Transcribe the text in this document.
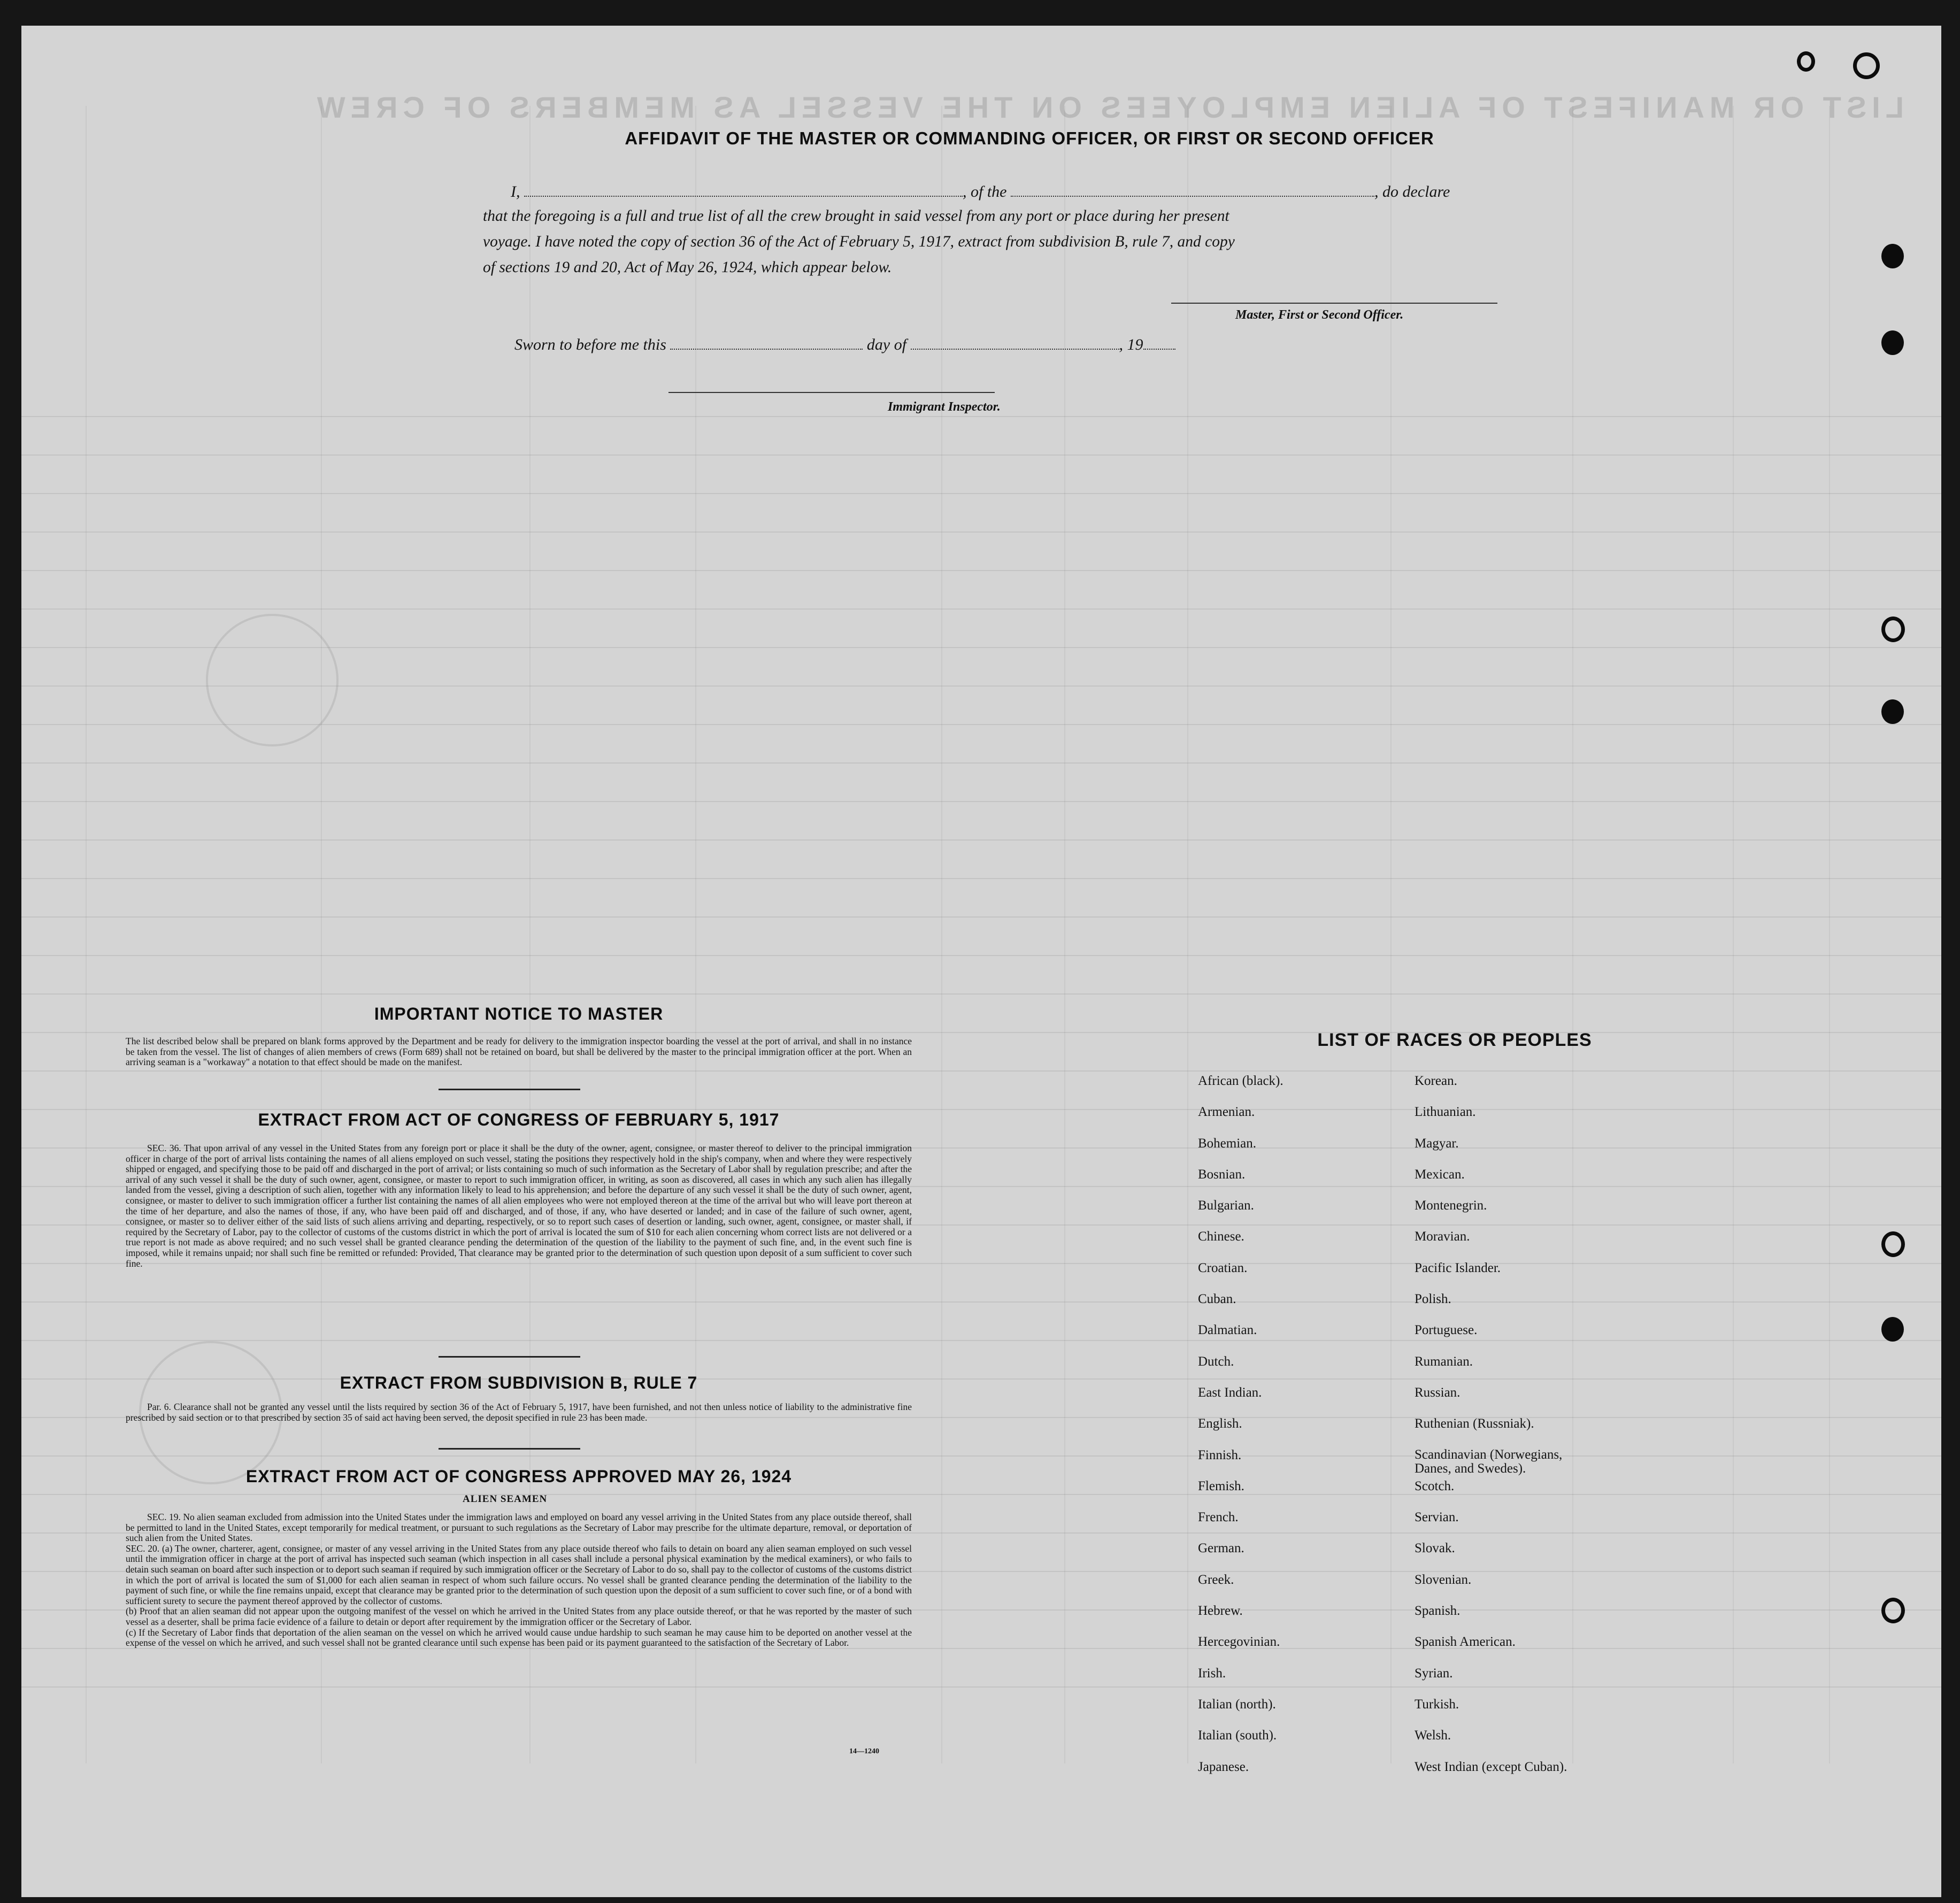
LIST OR MANIFEST OF ALIEN EMPLOYEES ON THE VESSEL AS MEMBERS OF CREW
AFFIDAVIT OF THE MASTER OR COMMANDING OFFICER, OR FIRST OR SECOND OFFICER
I,	, of the	, do declare
that the foregoing is a full and true list of all the crew brought in said vessel from any port or place during her present
voyage. I have noted the copy of section 36 of the Act of February 5, 1917, extract from subdivision B, rule 7, and copy
of sections 19 and 20, Act of May 26, 1924, which appear below.
Master, First or Second Officer.
Sworn to before me this	day of	, 19
Immigrant Inspector.
IMPORTANT NOTICE TO MASTER
The list described below shall be prepared on blank forms approved by the Department and be ready for delivery to the immigration inspector boarding the vessel at the port of arrival, and shall in no instance be taken from the vessel. The list of changes of alien members of crews (Form 689) shall not be retained on board, but shall be delivered by the master to the principal immigration officer at the port. When an arriving seaman is a "workaway" a notation to that effect should be made on the manifest.
EXTRACT FROM ACT OF CONGRESS OF FEBRUARY 5, 1917
SEC. 36. That upon arrival of any vessel in the United States from any foreign port or place it shall be the duty of the owner, agent, consignee, or master thereof to deliver to the principal immigration officer in charge of the port of arrival lists containing the names of all aliens employed on such vessel, stating the positions they respectively hold in the ship's company, when and where they were respectively shipped or engaged, and specifying those to be paid off and discharged in the port of arrival; or lists containing so much of such information as the Secretary of Labor shall by regulation prescribe; and after the arrival of any such vessel it shall be the duty of such owner, agent, consignee, or master to report to such immigration officer, in writing, as soon as discovered, all cases in which any such alien has illegally landed from the vessel, giving a description of such alien, together with any information likely to lead to his apprehension; and before the departure of any such vessel it shall be the duty of such owner, agent, consignee, or master to deliver to such immigration officer a further list containing the names of all alien employees who were not employed thereon at the time of the arrival but who will leave port thereon at the time of her departure, and also the names of those, if any, who have been paid off and discharged, and of those, if any, who have deserted or landed; and in case of the failure of such owner, agent, consignee, or master so to deliver either of the said lists of such aliens arriving and departing, respectively, or so to report such cases of desertion or landing, such owner, agent, consignee, or master shall, if required by the Secretary of Labor, pay to the collector of customs of the customs district in which the port of arrival is located the sum of $10 for each alien concerning whom correct lists are not delivered or a true report is not made as above required; and no such vessel shall be granted clearance pending the determination of the question of the liability to the payment of such fine, and, in the event such fine is imposed, while it remains unpaid; nor shall such fine be remitted or refunded: Provided, That clearance may be granted prior to the determination of such question upon deposit of a sum sufficient to cover such fine.
EXTRACT FROM SUBDIVISION B, RULE 7
Par. 6. Clearance shall not be granted any vessel until the lists required by section 36 of the Act of February 5, 1917, have been furnished, and not then unless notice of liability to the administrative fine prescribed by said section or to that prescribed by section 35 of said act having been served, the deposit specified in rule 23 has been made.
EXTRACT FROM ACT OF CONGRESS APPROVED MAY 26, 1924
ALIEN SEAMEN
SEC. 19. No alien seaman excluded from admission into the United States under the immigration laws and employed on board any vessel arriving in the United States from any place outside thereof, shall be permitted to land in the United States, except temporarily for medical treatment, or pursuant to such regulations as the Secretary of Labor may prescribe for the ultimate departure, removal, or deportation of such alien from the United States.
SEC. 20. (a) The owner, charterer, agent, consignee, or master of any vessel arriving in the United States from any place outside thereof who fails to detain on board any alien seaman employed on such vessel until the immigration officer in charge at the port of arrival has inspected such seaman (which inspection in all cases shall include a personal physical examination by the medical examiners), or who fails to detain such seaman on board after such inspection or to deport such seaman if required by such immigration officer or the Secretary of Labor to do so, shall pay to the collector of customs of the customs district in which the port of arrival is located the sum of $1,000 for each alien seaman in respect of whom such failure occurs. No vessel shall be granted clearance pending the determination of the liability to the payment of such fine, or while the fine remains unpaid, except that clearance may be granted prior to the determination of such question upon the deposit of a sum sufficient to cover such fine, or of a bond with sufficient surety to secure the payment thereof approved by the collector of customs.
(b) Proof that an alien seaman did not appear upon the outgoing manifest of the vessel on which he arrived in the United States from any place outside thereof, or that he was reported by the master of such vessel as a deserter, shall be prima facie evidence of a failure to detain or deport after requirement by the immigration officer or the Secretary of Labor.
(c) If the Secretary of Labor finds that deportation of the alien seaman on the vessel on which he arrived would cause undue hardship to such seaman he may cause him to be deported on another vessel at the expense of the vessel on which he arrived, and such vessel shall not be granted clearance until such expense has been paid or its payment guaranteed to the satisfaction of the Secretary of Labor.
14—1240
LIST OF RACES OR PEOPLES
African (black).
Armenian.
Bohemian.
Bosnian.
Bulgarian.
Chinese.
Croatian.
Cuban.
Dalmatian.
Dutch.
East Indian.
English.
Finnish.
Flemish.
French.
German.
Greek.
Hebrew.
Hercegovinian.
Irish.
Italian (north).
Italian (south).
Japanese.
Korean.
Lithuanian.
Magyar.
Mexican.
Montenegrin.
Moravian.
Pacific Islander.
Polish.
Portuguese.
Rumanian.
Russian.
Ruthenian (Russniak).
Scandinavian (Norwegians,
Danes, and Swedes).
Scotch.
Servian.
Slovak.
Slovenian.
Spanish.
Spanish American.
Syrian.
Turkish.
Welsh.
West Indian (except Cuban).
